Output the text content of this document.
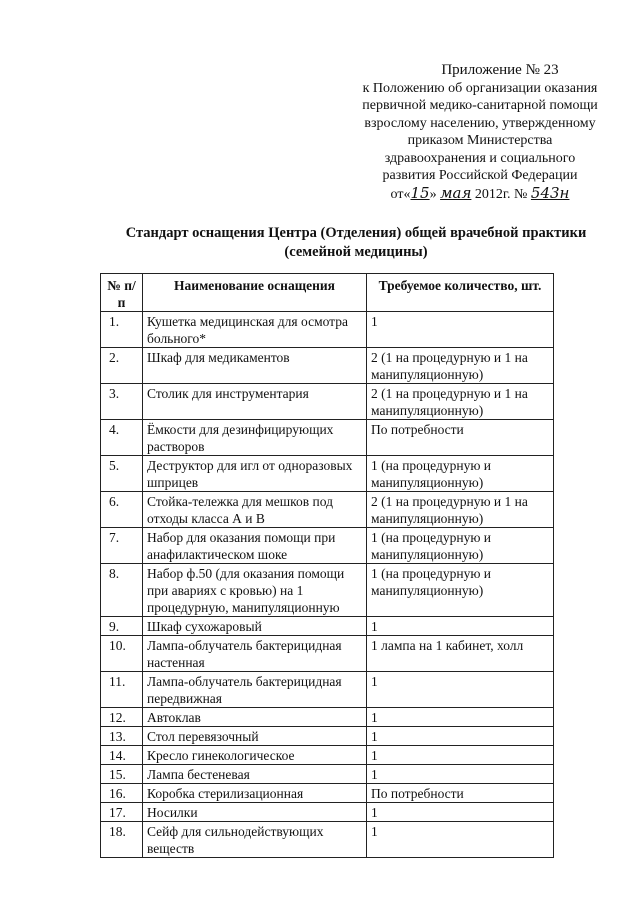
Приложение № 23
к Положению об организации оказания
первичной медико-санитарной помощи
взрослому населению, утвержденному
приказом Министерства
здравоохранения и социального
развития Российской Федерации
от«15» мая 2012г. № 543н
Стандарт оснащения Центра (Отделения) общей врачебной практики
(семейной медицины)
№ п/п	Наименование оснащения	Требуемое количество, шт.
1.	Кушетка медицинская для осмотра больного*	1
2.	Шкаф для медикаментов	2 (1 на процедурную и 1 на манипуляционную)
3.	Столик для инструментария	2 (1 на процедурную и 1 на манипуляционную)
4.	Ёмкости для дезинфицирующих растворов	По потребности
5.	Деструктор для игл от одноразовых шприцев	1 (на процедурную и манипуляционную)
6.	Стойка-тележка для мешков под отходы класса А и В	2 (1 на процедурную и 1 на манипуляционную)
7.	Набор для оказания помощи при анафилактическом шоке	1 (на процедурную и манипуляционную)
8.	Набор ф.50 (для оказания помощи при авариях с кровью) на 1 процедурную, манипуляционную	1 (на процедурную и манипуляционную)
9.	Шкаф сухожаровый	1
10.	Лампа-облучатель бактерицидная настенная	1 лампа на 1 кабинет, холл
11.	Лампа-облучатель бактерицидная передвижная	1
12.	Автоклав	1
13.	Стол перевязочный	1
14.	Кресло гинекологическое	1
15.	Лампа бестеневая	1
16.	Коробка стерилизационная	По потребности
17.	Носилки	1
18.	Сейф для сильнодействующих веществ	1
